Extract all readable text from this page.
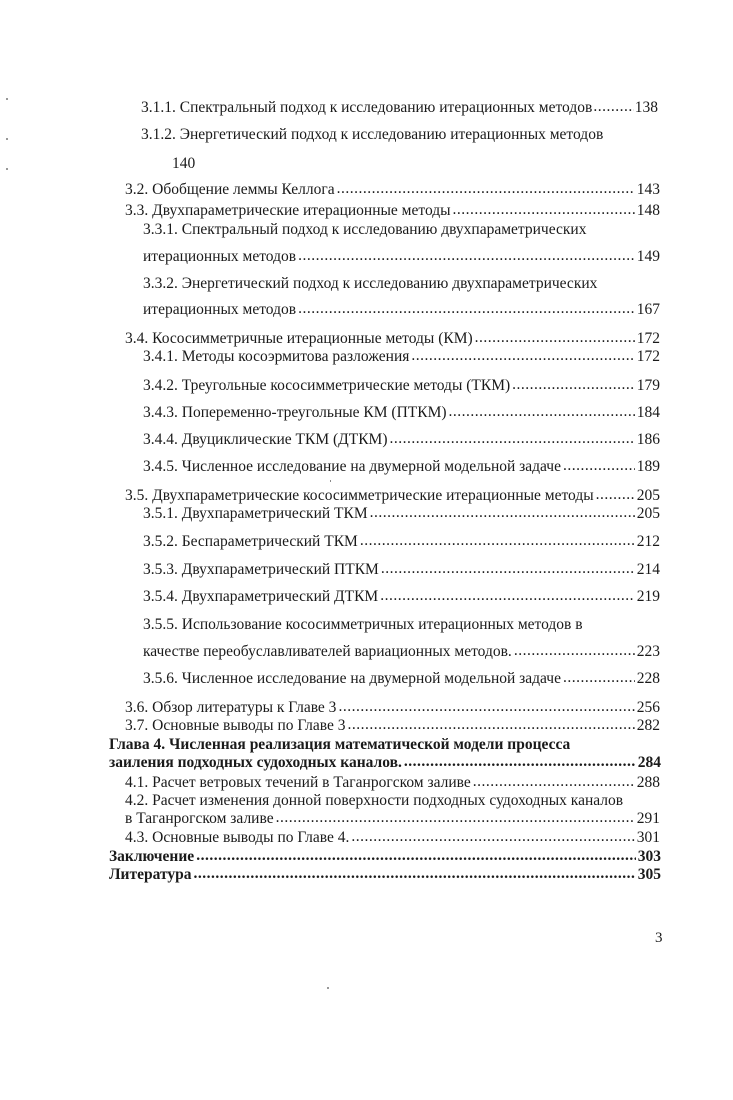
3.1.1. Спектральный подход к исследованию итерационных методов .....	138
3.1.2. Энергетический подход к исследованию итерационных методов
140
3.2. Обобщение леммы Келлога .....	143
3.3. Двухпараметрические итерационные методы .....	148
3.3.1. Спектральный подход к исследованию двухпараметрических
итерационных методов .....	149
3.3.2. Энергетический подход к исследованию двухпараметрических
итерационных методов .....	167
3.4. Кососимметричные итерационные методы (КМ) .....	172
3.4.1. Методы косоэрмитова разложения .....	172
3.4.2. Треугольные кососимметрические методы (ТКМ) .....	179
3.4.3. Попеременно-треугольные КМ (ПТКМ) .....	184
3.4.4. Двуциклические ТКМ (ДТКМ) .....	186
3.4.5. Численное исследование на двумерной модельной задаче .....	189
3.5. Двухпараметрические кососимметрические итерационные методы .....	205
3.5.1. Двухпараметрический ТКМ .....	205
3.5.2. Беспараметрический ТКМ .....	212
3.5.3. Двухпараметрический ПТКМ .....	214
3.5.4. Двухпараметрический ДТКМ .....	219
3.5.5. Использование кососимметричных итерационных методов в
качестве переобуславливателей вариационных методов. .....	223
3.5.6. Численное исследование на двумерной модельной задаче .....	228
3.6. Обзор литературы к Главе 3 .....	256
3.7. Основные выводы по Главе 3 .....	282
Глава 4. Численная реализация математической модели процесса
заиления подходных судоходных каналов. .....	284
4.1. Расчет ветровых течений в Таганрогском заливе .....	288
4.2. Расчет изменения донной поверхности подходных судоходных каналов
в Таганрогском заливе .....	291
4.3. Основные выводы по Главе 4. .....	301
Заключение .....	303
Литература .....	305
3
